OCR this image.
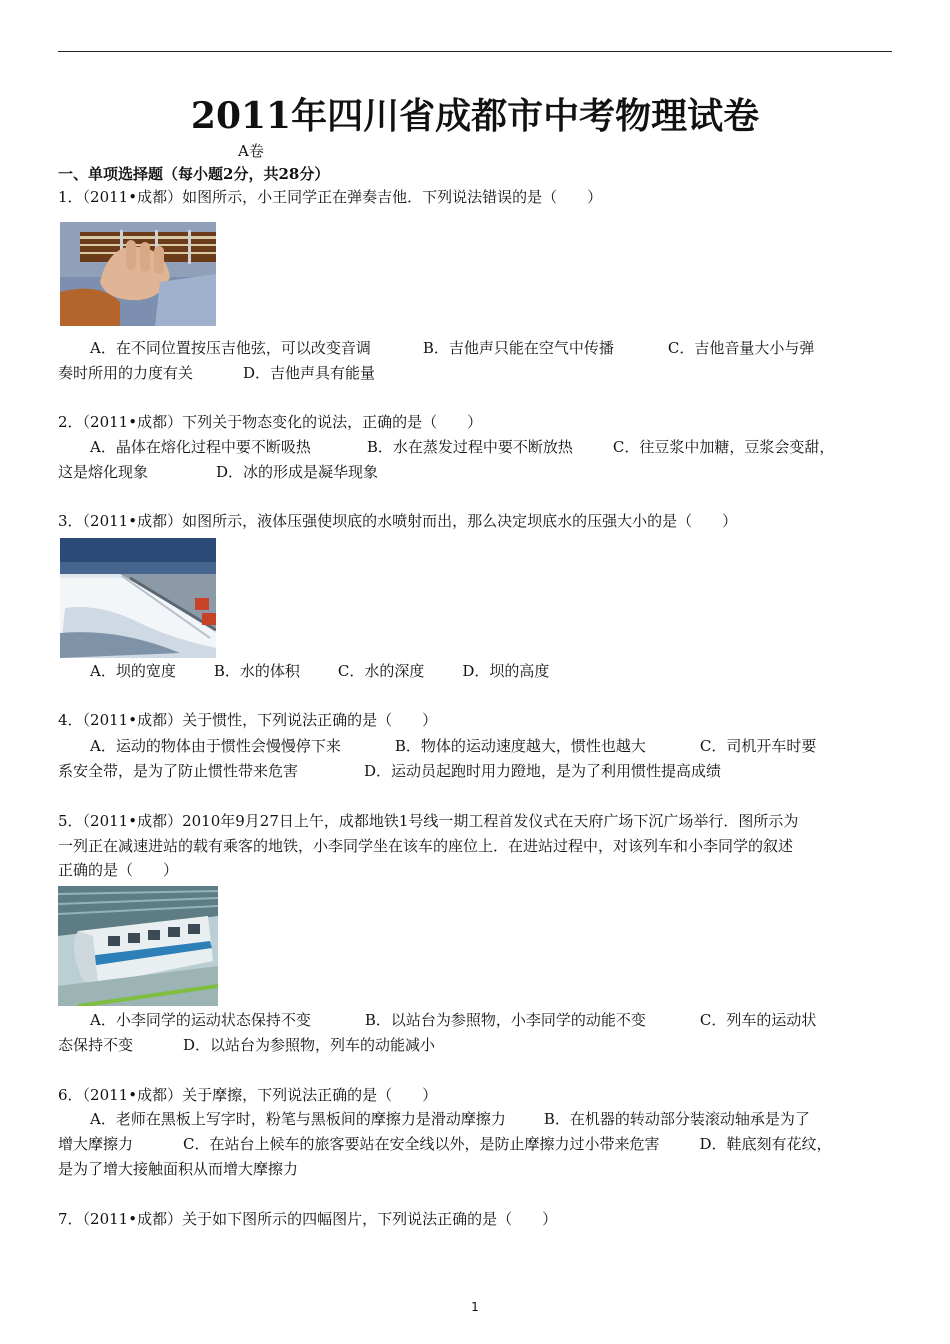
2011年四川省成都市中考物理试卷
A卷
一、单项选择题（每小题2分，共28分）
1．（2011•成都）如图所示，小王同学正在弹奏吉他．下列说法错误的是（　　）
A．在不同位置按压吉他弦，可以改变音调	B．吉他声只能在空气中传播	C．吉他音量大小与弹
奏时所用的力度有关	D．吉他声具有能量
2．（2011•成都）下列关于物态变化的说法，正确的是（　　）
A．晶体在熔化过程中要不断吸热	B．水在蒸发过程中要不断放热	C．往豆浆中加糖，豆浆会变甜，
这是熔化现象	D．冰的形成是凝华现象
3．（2011•成都）如图所示，液体压强使坝底的水喷射而出，那么决定坝底水的压强大小的是（　　）
A．坝的宽度	B．水的体积	C．水的深度	D．坝的高度
4．（2011•成都）关于惯性，下列说法正确的是（　　）
A．运动的物体由于惯性会慢慢停下来	B．物体的运动速度越大，惯性也越大	C．司机开车时要
系安全带，是为了防止惯性带来危害	D．运动员起跑时用力蹬地，是为了利用惯性提高成绩
5．（2011•成都）2010年9月27日上午，成都地铁1号线一期工程首发仪式在天府广场下沉广场举行．图所示为
一列正在减速进站的载有乘客的地铁，小李同学坐在该车的座位上．在进站过程中，对该列车和小李同学的叙述
正确的是（　　）
A．小李同学的运动状态保持不变	B．以站台为参照物，小李同学的动能不变	C．列车的运动状
态保持不变	D．以站台为参照物，列车的动能减小
6．（2011•成都）关于摩擦，下列说法正确的是（　　）
A．老师在黑板上写字时，粉笔与黑板间的摩擦力是滑动摩擦力	B．在机器的转动部分装滚动轴承是为了
增大摩擦力	C．在站台上候车的旅客要站在安全线以外，是防止摩擦力过小带来危害	D．鞋底刻有花纹，
是为了增大接触面积从而增大摩擦力
7．（2011•成都）关于如下图所示的四幅图片，下列说法正确的是（　　）
1
